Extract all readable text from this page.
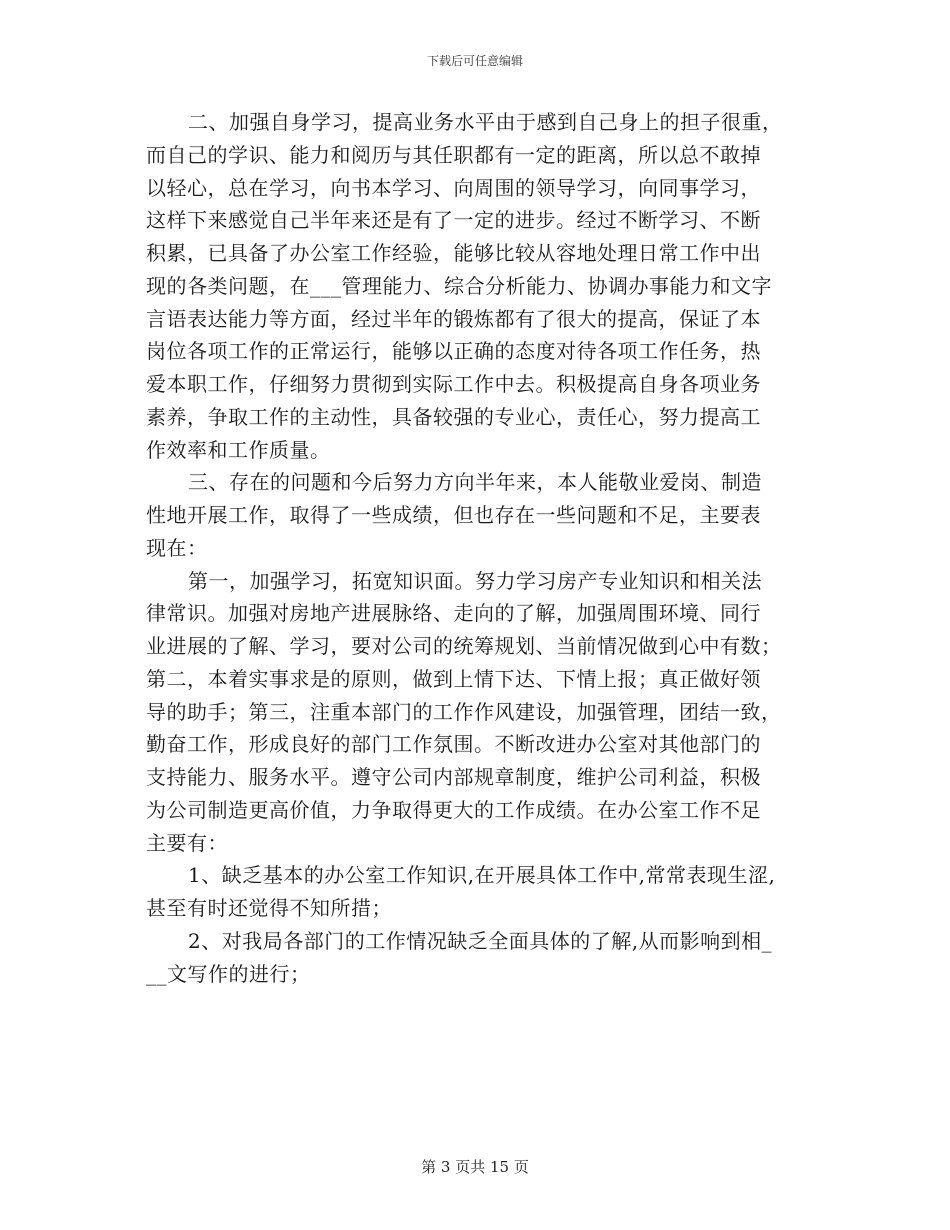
下载后可任意编辑
二、加强自身学习，提高业务水平由于感到自己身上的担子很重，
而自己的学识、能力和阅历与其任职都有一定的距离，所以总不敢掉
以轻心，总在学习，向书本学习、向周围的领导学习，向同事学习，
这样下来感觉自己半年来还是有了一定的进步。经过不断学习、不断
积累，已具备了办公室工作经验，能够比较从容地处理日常工作中出
现的各类问题，在___管理能力、综合分析能力、协调办事能力和文字
言语表达能力等方面，经过半年的锻炼都有了很大的提高，保证了本
岗位各项工作的正常运行，能够以正确的态度对待各项工作任务，热
爱本职工作，仔细努力贯彻到实际工作中去。积极提高自身各项业务
素养，争取工作的主动性，具备较强的专业心，责任心，努力提高工
作效率和工作质量。
三、存在的问题和今后努力方向半年来，本人能敬业爱岗、制造
性地开展工作，取得了一些成绩，但也存在一些问题和不足，主要表
现在：
第一，加强学习，拓宽知识面。努力学习房产专业知识和相关法
律常识。加强对房地产进展脉络、走向的了解，加强周围环境、同行
业进展的了解、学习，要对公司的统筹规划、当前情况做到心中有数；
第二，本着实事求是的原则，做到上情下达、下情上报；真正做好领
导的助手；第三，注重本部门的工作作风建设，加强管理，团结一致，
勤奋工作，形成良好的部门工作氛围。不断改进办公室对其他部门的
支持能力、服务水平。遵守公司内部规章制度，维护公司利益，积极
为公司制造更高价值，力争取得更大的工作成绩。在办公室工作不足
主要有：
1、缺乏基本的办公室工作知识,在开展具体工作中,常常表现生涩,
甚至有时还觉得不知所措；
2、对我局各部门的工作情况缺乏全面具体的了解,从而影响到相_
__文写作的进行；
第 3 页共 15 页
